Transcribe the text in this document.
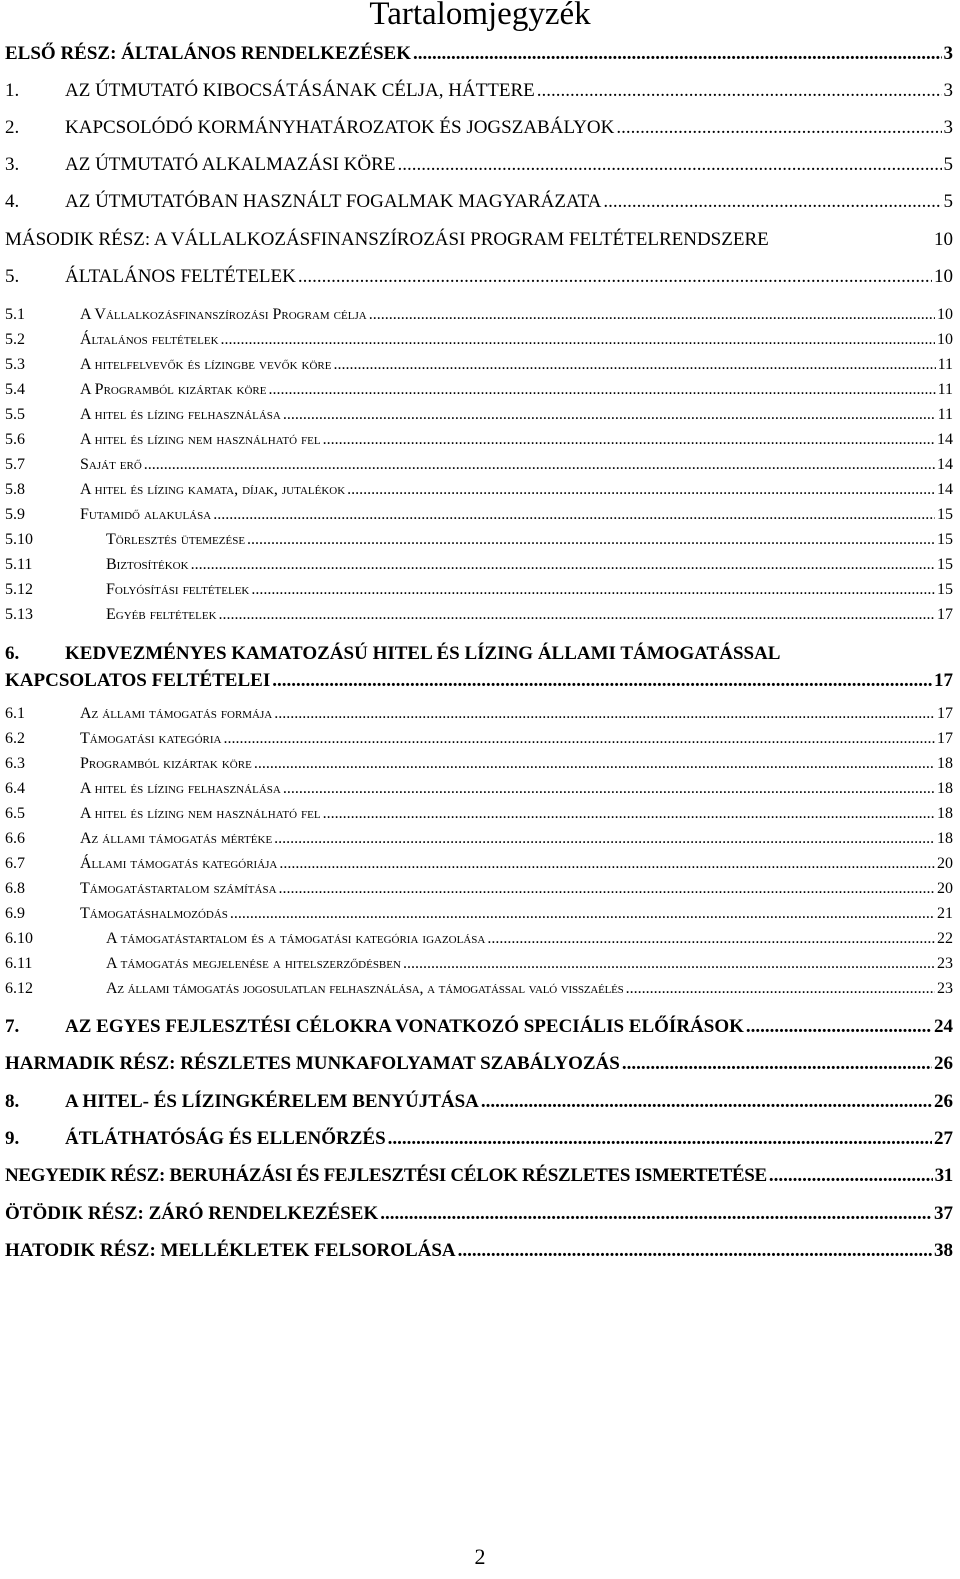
Tartalomjegyzék
ELSŐ RÉSZ: ÁLTALÁNOS RENDELKEZÉSEK .....	3
1.	AZ ÚTMUTATÓ KIBOCSÁTÁSÁNAK CÉLJA, HÁTTERE .....	3
2.	KAPCSOLÓDÓ KORMÁNYHATÁROZATOK ÉS JOGSZABÁLYOK .....	3
3.	AZ ÚTMUTATÓ ALKALMAZÁSI KÖRE .....	5
4.	AZ ÚTMUTATÓBAN HASZNÁLT FOGALMAK MAGYARÁZATA .....	5
MÁSODIK RÉSZ: A VÁLLALKOZÁSFINANSZÍROZÁSI PROGRAM FELTÉTELRENDSZERE	10
5.	ÁLTALÁNOS FELTÉTELEK .....	10
5.1	A Vállalkozásfinanszírozási Program célja .....	10
5.2	Általános feltételek .....	10
5.3	A hitelfelvevők és lízingbe vevők köre .....	11
5.4	A Programból kizártak köre .....	11
5.5	A hitel és lízing felhasználása .....	11
5.6	A hitel és lízing nem használható fel .....	14
5.7	Saját erő .....	14
5.8	A hitel és lízing kamata, díjak, jutalékok .....	14
5.9	Futamidő alakulása .....	15
5.10	Törlesztés ütemezése .....	15
5.11	Biztosítékok .....	15
5.12	Folyósítási feltételek .....	15
5.13	Egyéb feltételek .....	17
6.	KEDVEZMÉNYES KAMATOZÁSÚ HITEL ÉS LÍZING ÁLLAMI TÁMOGATÁSSAL
KAPCSOLATOS FELTÉTELEI .....	17
6.1	Az állami támogatás formája .....	17
6.2	Támogatási kategória .....	17
6.3	Programból kizártak köre .....	18
6.4	A hitel és lízing felhasználása .....	18
6.5	A hitel és lízing nem használható fel .....	18
6.6	Az állami támogatás mértéke .....	18
6.7	Állami támogatás kategóriája .....	20
6.8	Támogatástartalom számítása .....	20
6.9	Támogatáshalmozódás .....	21
6.10	A támogatástartalom és a támogatási kategória igazolása .....	22
6.11	A támogatás megjelenése a hitelszerződésben .....	23
6.12	Az állami támogatás jogosulatlan felhasználása, a támogatással való visszaélés .....	23
7.	AZ EGYES FEJLESZTÉSI CÉLOKRA VONATKOZÓ SPECIÁLIS ELŐÍRÁSOK .....	24
HARMADIK RÉSZ: RÉSZLETES MUNKAFOLYAMAT SZABÁLYOZÁS .....	26
8.	A HITEL- ÉS LÍZINGKÉRELEM BENYÚJTÁSA .....	26
9.	ÁTLÁTHATÓSÁG ÉS ELLENŐRZÉS .....	27
NEGYEDIK RÉSZ: BERUHÁZÁSI ÉS FEJLESZTÉSI CÉLOK RÉSZLETES ISMERTETÉSE .....	31
ÖTÖDIK RÉSZ: ZÁRÓ RENDELKEZÉSEK .....	37
HATODIK RÉSZ: MELLÉKLETEK FELSOROLÁSA .....	38
2
